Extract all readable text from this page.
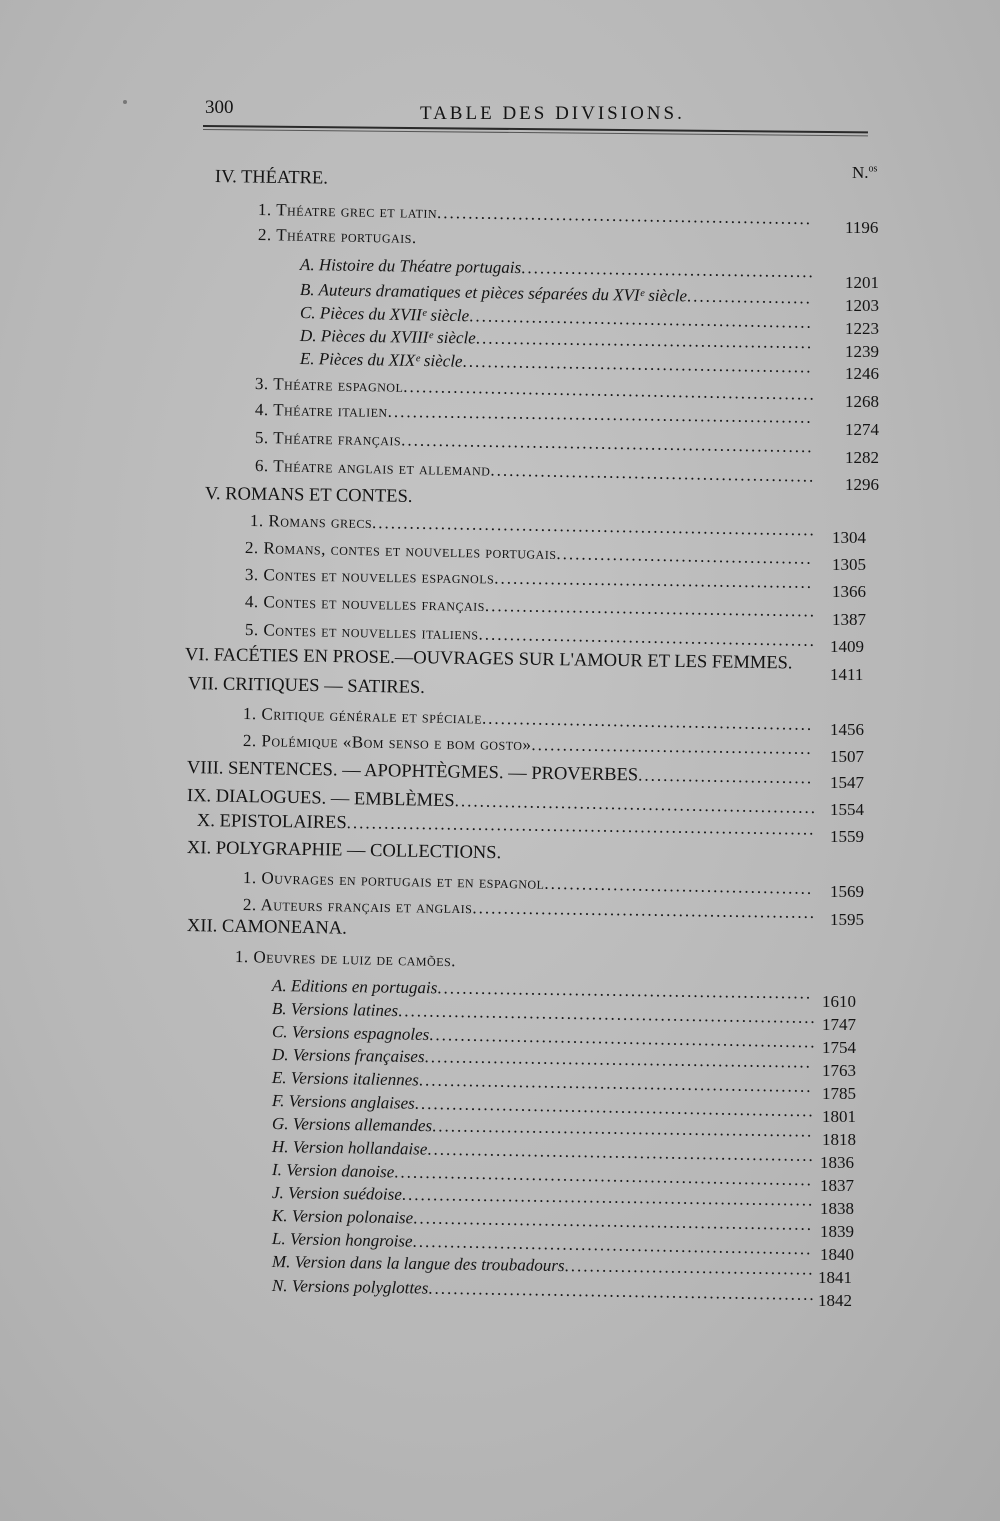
300	TABLE DES DIVISIONS.
N.$^{os}$
IV. THÉATRE.
1. Théatre grec et latin............................................................
2. Théatre portugais.
A. Histoire du Théatre portugais...............................................
B. Auteurs dramatiques et pièces séparées du XVIᵉ siècle....................
C. Pièces du XVIIᵉ siècle.......................................................
D. Pièces du XVIIIᵉ siècle......................................................
E. Pièces du XIXᵉ siècle........................................................
3. Théatre espagnol..................................................................
4. Théatre italien....................................................................
5. Théatre français..................................................................
6. Théatre anglais et allemand....................................................
V. ROMANS ET CONTES.
1. Romans grecs.......................................................................
2. Romans, contes et nouvelles portugais.........................................
3. Contes et nouvelles espagnols...................................................
4. Contes et nouvelles français.....................................................
5. Contes et nouvelles italiens......................................................
VI. FACÉTIES EN PROSE.—OUVRAGES SUR L'AMOUR ET LES FEMMES.
VII. CRITIQUES — SATIRES.
1. Critique générale et spéciale.....................................................
2. Polémique «Bom senso e bom gosto».............................................
VIII. SENTENCES. — APOPHTÈGMES. — PROVERBES............................
IX. DIALOGUES. — EMBLÈMES..........................................................
X. EPISTOLAIRES...........................................................................
XI. POLYGRAPHIE — COLLECTIONS.
1. Ouvrages en portugais et en espagnol...........................................
2. Auteurs français et anglais.......................................................
XII. CAMONEANA.
1. Oeuvres de luiz de camões.
A. Editions en portugais............................................................
B. Versions latines...................................................................
C. Versions espagnoles..............................................................
D. Versions françaises..............................................................
E. Versions italiennes...............................................................
F. Versions anglaises................................................................
G. Versions allemandes.............................................................
H. Version hollandaise..............................................................
I. Version danoise...................................................................
J. Version suédoise..................................................................
K. Version polonaise................................................................
L. Version hongroise................................................................
M. Version dans la langue des troubadours........................................
N. Versions polyglottes..............................................................
1196
1201
1203
1223
1239
1246
1268
1274
1282
1296
1304
1305
1366
1387
1409
1411
1456
1507
1547
1554
1559
1569
1595
1610
1747
1754
1763
1785
1801
1818
1836
1837
1838
1839
1840
1841
1842
